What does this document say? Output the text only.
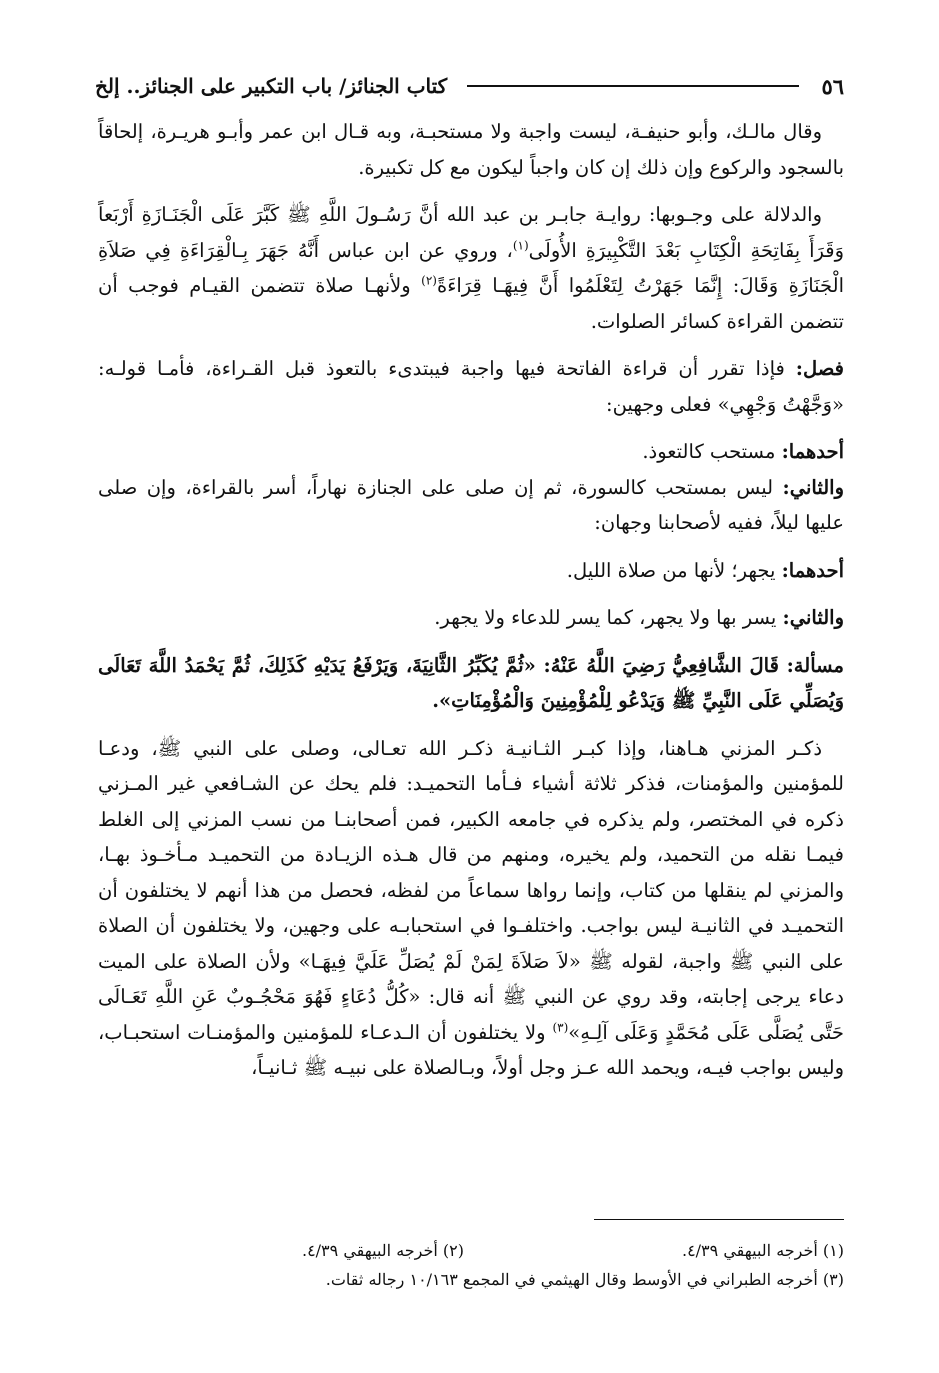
٥٦
كتاب الجنائز/ باب التكبير على الجنائز.. إلخ

وقال مالـك، وأبو حنيفـة، ليست واجبة ولا مستحبـة، وبه قـال ابن عمر وأبـو هريـرة، إلحاقاً بالسجود والركوع وإن ذلك إن كان واجباً ليكون مع كل تكبيرة.

والدلالة على وجـوبها: روايـة جابـر بن عبد الله أنَّ رَسُـولَ اللَّهِ ﷺ كَبَّرَ عَلَى الْجَنَـازَةِ أَرْبَعاً وَقَرَأَ بِفَاتِحَةِ الْكِتَابِ بَعْدَ التَّكْبِيرَةِ الأُولَى$^{(١)}$، وروي عن ابن عباس أَنَّهُ جَهَرَ بِـالْقِرَاءَةِ فِي صَلاَةِ الْجَنَازَةِ وَقَالَ: إِنَّمَا جَهَرْتُ لِتَعْلَمُوا أَنَّ فِيهَـا قِرَاءَةً$^{(٢)}$ ولأنهـا صلاة تتضمن القيـام فوجب أن تتضمن القراءة كسائر الصلوات.

فصل: فإذا تقرر أن قراءة الفاتحة فيها واجبة فيبتدىء بالتعوذ قبل القـراءة، فأمـا قولـه: «وَجَّهْتُ وَجْهِي» فعلى وجهين:

أحدهما: مستحب كالتعوذ.

والثاني: ليس بمستحب كالسورة، ثم إن صلى على الجنازة نهاراً، أسر بالقراءة، وإن صلى عليها ليلاً، ففيه لأصحابنا وجهان:

أحدهما: يجهر؛ لأنها من صلاة الليل.

والثاني: يسر بها ولا يجهر، كما يسر للدعاء ولا يجهر.

مسألة: قَالَ الشَّافِعِيُّ رَضِيَ اللَّهُ عَنْهُ: «ثُمَّ يُكَبِّرُ الثَّانِيَةَ، وَيَرْفَعُ يَدَيْهِ كَذَلِكَ، ثُمَّ يَحْمَدُ اللَّهَ تَعَالَى وَيُصَلِّي عَلَى النَّبِيِّ ﷺ وَيَدْعُو لِلْمُؤْمِنِينَ وَالْمُؤْمِنَاتِ».

ذكـر المزني هـاهنا، وإذا كبـر الثـانيـة ذكـر الله تعـالى، وصلى على النبي ﷺ، ودعـا للمؤمنين والمؤمنات، فذكر ثلاثة أشياء فـأما التحميـد: فلم يحك عن الشـافعي غير المـزني ذكره في المختصر، ولم يذكره في جامعه الكبير، فمن أصحابنـا من نسب المزني إلى الغلط فيمـا نقله من التحميد، ولم يخيره، ومنهم من قال هـذه الزيـادة من التحميـد مـأخـوذ بهـا، والمزني لم ينقلها من كتاب، وإنما رواها سماعاً من لفظه، فحصل من هذا أنهم لا يختلفون أن التحميـد في الثانيـة ليس بواجب. واختلفـوا في استحبابـه على وجهين، ولا يختلفون أن الصلاة على النبي ﷺ واجبة، لقوله ﷺ «لاَ صَلاَةَ لِمَنْ لَمْ يُصَلِّ عَلَيَّ فِيهَـا» ولأن الصلاة على الميت دعاء يرجى إجابته، وقد روي عن النبي ﷺ أنه قال: «كُلُّ دُعَاءٍ فَهُوَ مَحْجُـوبٌ عَنِ اللَّهِ تَعَـالَى حَتَّى يُصَلَّى عَلَى مُحَمَّدٍ وَعَلَى آلِـهِ»$^{(٣)}$ ولا يختلفون أن الـدعـاء للمؤمنين والمؤمنـات استحبـاب، وليس بواجب فيـه، ويحمد الله عـز وجل أولاً، وبـالصلاة على نبيـه ﷺ ثـانيـاً،

(١) أخرجه البيهقي ٤/٣٩.
(٢) أخرجه البيهقي ٤/٣٩.
(٣) أخرجه الطبراني في الأوسط وقال الهيثمي في المجمع ١٠/١٦٣ رجاله ثقات.
